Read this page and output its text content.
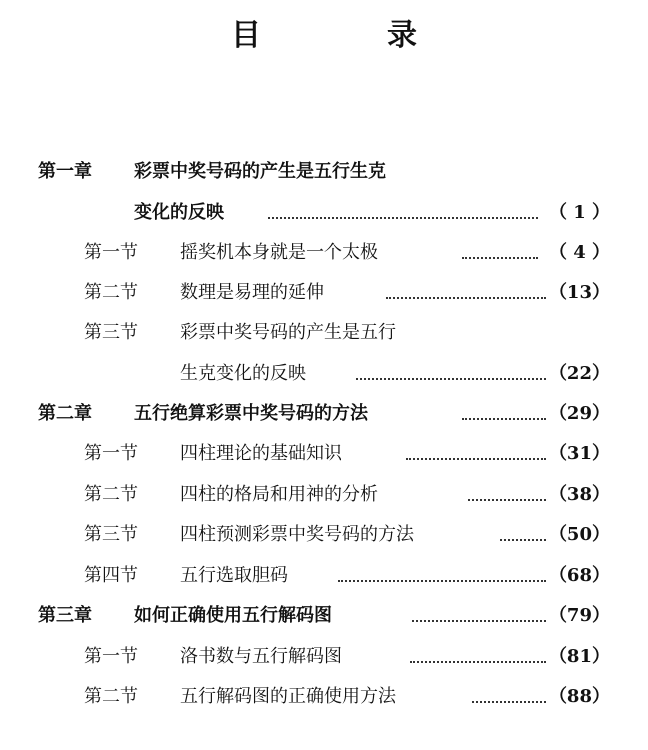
目　录
第一章 彩票中奖号码的产生是五行生克
变化的反映	（ 1 ）
第一节 摇奖机本身就是一个太极	（ 4 ）
第二节 数理是易理的延伸	（13）
第三节 彩票中奖号码的产生是五行
生克变化的反映	（22）
第二章 五行绝算彩票中奖号码的方法	（29）
第一节 四柱理论的基础知识	（31）
第二节 四柱的格局和用神的分析	（38）
第三节 四柱预测彩票中奖号码的方法	（50）
第四节 五行选取胆码	（68）
第三章 如何正确使用五行解码图	（79）
第一节 洛书数与五行解码图	（81）
第二节 五行解码图的正确使用方法	（88）
